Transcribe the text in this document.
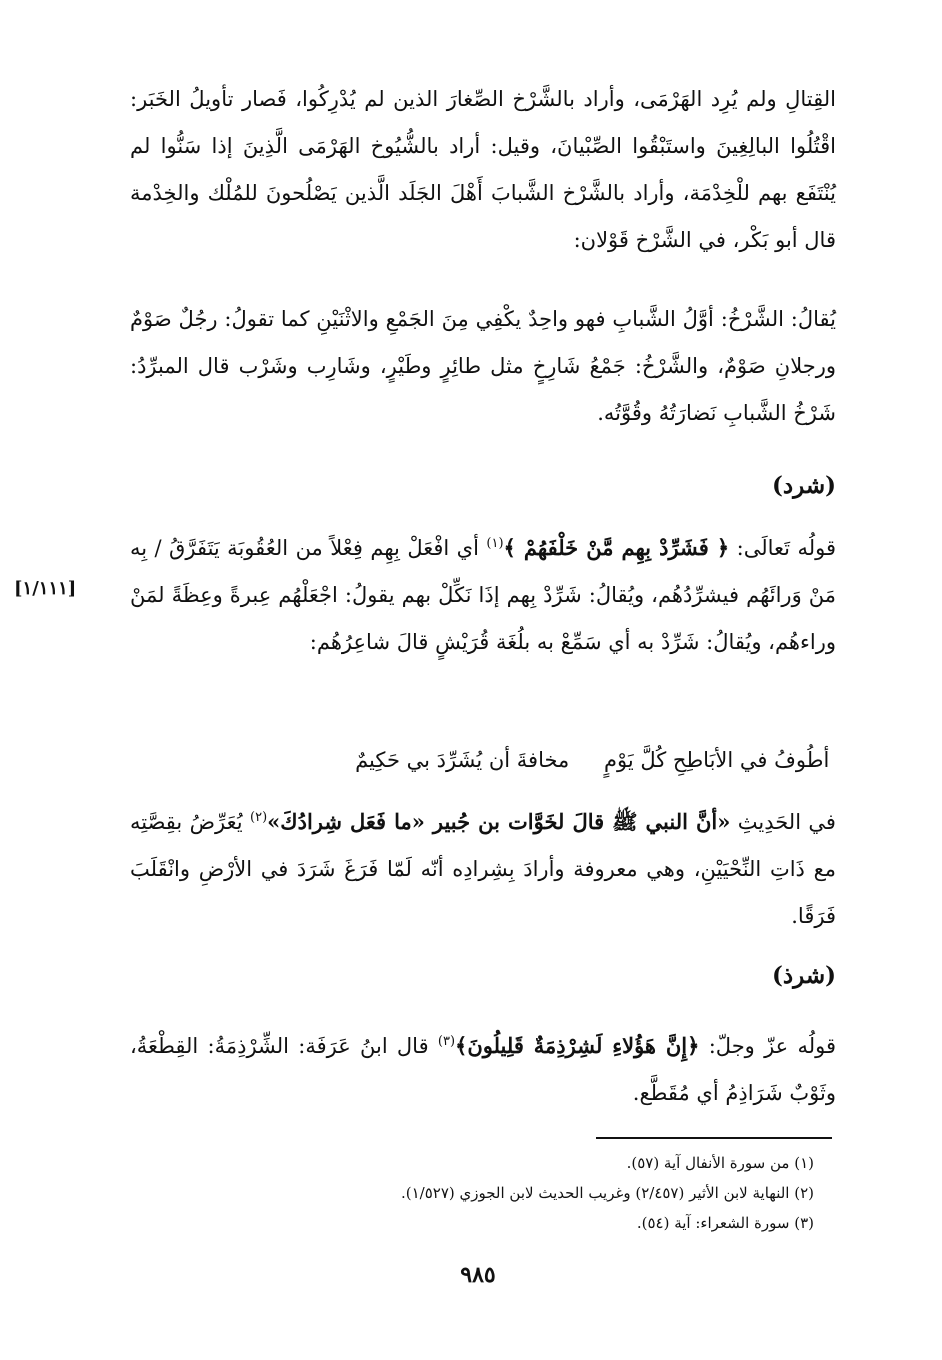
القِتالِ ولم يُرِد الهَرْمَى، وأراد بالشَّرْخ الصِّغارَ الذين لم يُدْرِكُوا، فَصار تأويلُ الخَبَر: اقْتُلُوا البالِغِينَ واستَبْقُوا الصِّبْيانَ، وقيل: أراد بالشُّيُوخ الهَرْمَى الَّذِينَ إذا سَنُّوا لم يُنْتَفَع بهم للْخِدْمَة، وأراد بالشَّرْخ الشَّبابَ أَهْلَ الجَلَد الَّذين يَصْلُحونَ للمُلْك والخِدْمة قال أبو بَكْر، في الشَّرْخ قَوْلان:

يُقالُ: الشَّرْخُ: أوَّلُ الشَّبابِ فهو واحِدٌ يكْفِي مِنَ الجَمْعِ والاثْنَيْنِ كما تقولُ: رجُلٌ صَوْمٌ ورجلانِ صَوْمٌ، والشَّرْخُ: جَمْعُ شَارِخٍ مثل طائِرٍ وطَيْرٍ، وشَارِب وشَرْب قال المبرِّدُ: شَرْخُ الشَّبابِ نَضارَتُهُ وقُوَّتُه.

(شرد)

قولُه تَعالَى: ﴿ فَشَرِّدْ بِهِم مَّنْ خَلْفَهُمْ ﴾$^{(١)}$ أي افْعَلْ بِهِم فِعْلاً من العُقُوبَة يَتَفَرَّقُ / بِه مَنْ وَرائَهُم فيشرِّدُهُم، ويُقالُ: شَرِّدْ بِهم إذَا نَكِّلْ بهم يقولُ: اجْعَلْهُم عِبرةً وعِظَةً لمَنْ وراءهُم، ويُقالُ: شَرِّدْ به أي سَمِّعْ به بلُغَة قُرَيْشٍ قالَ شاعِرُهُم:

[١/١١١]
أطُوفُ في الأبَاطِحِ كُلَّ يَوْمٍ مخافةَ أن يُشَرِّدَ بي حَكِيمٌ

في الحَدِيثِ «أنَّ النبي ﷺ قالَ لخَوَّات بن جُبير «ما فَعَل شِرادُكَ»$^{(٢)}$ يُعَرِّضُ بقِصَّتِه مع ذَاتِ النِّحْيَيْنِ، وهي معروفة وأرادَ بِشِرادِه أنّه لَمّا فَرَغَ شَرَدَ في الأرْضِ وانْقَلَبَ فَرَقًا.

(شرذ)

قولُه عزّ وجلّ: ﴿إِنَّ هَؤُلاءِ لَشِرْذِمَةٌ قَلِيلُونَ﴾$^{(٣)}$ قال ابنُ عَرَفَة: الشِّرْذِمَةُ: القِطْعَةُ، وثَوْبٌ شَرَاذِمُ أي مُقَطَّع.

(١) من سورة الأنفال آية (٥٧).
(٢) النهاية لابن الأثير (٢/٤٥٧) وغريب الحديث لابن الجوزي (١/٥٢٧).
(٣) سورة الشعراء: آية (٥٤).
٩٨٥
